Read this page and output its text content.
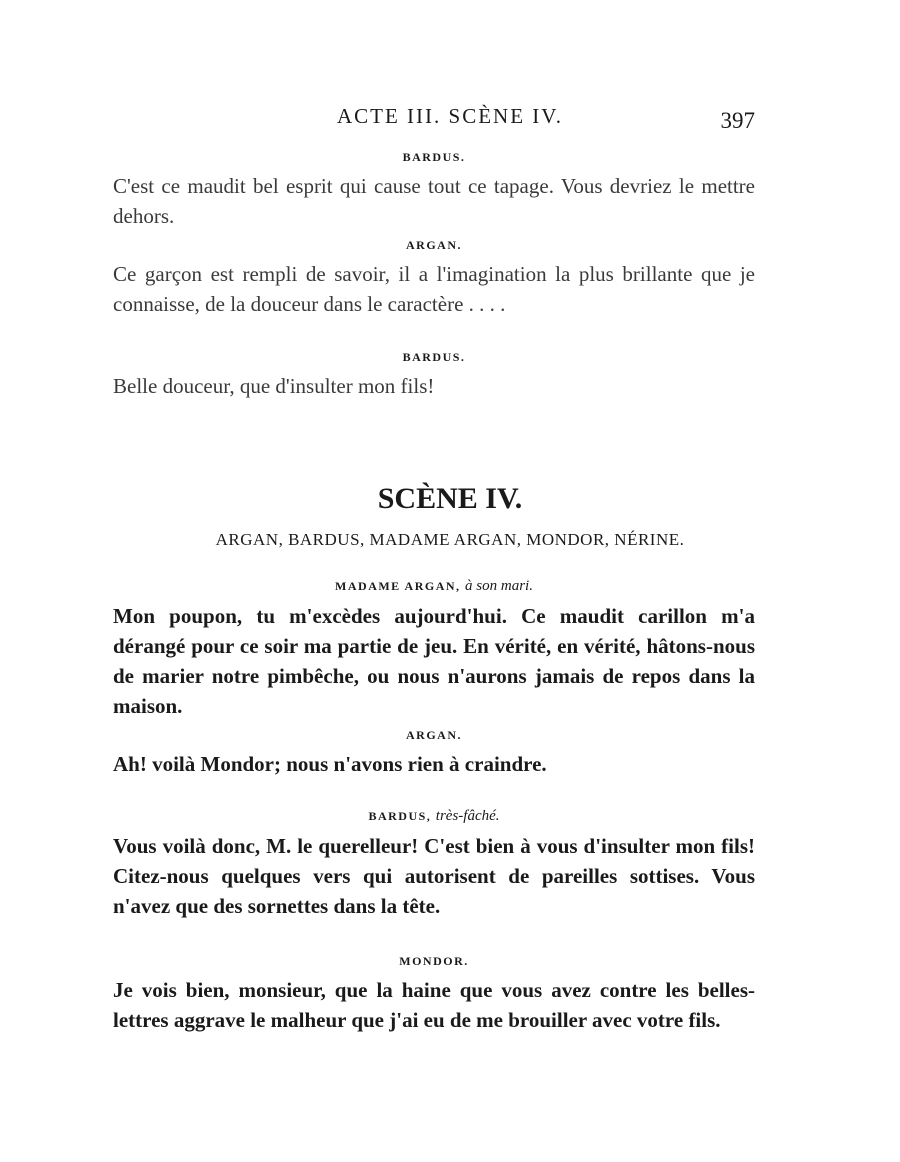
ACTE III. SCÈNE IV.	397

BARDUS.

C'est ce maudit bel esprit qui cause tout ce tapage. Vous devriez le mettre dehors.

ARGAN.

Ce garçon est rempli de savoir, il a l'imagination la plus brillante que je connaisse, de la douceur dans le caractère . . . .

BARDUS.

Belle douceur, que d'insulter mon fils!

SCÈNE IV.

ARGAN, BARDUS, MADAME ARGAN, MONDOR, NÉRINE.

MADAME ARGAN, à son mari.

Mon poupon, tu m'excèdes aujourd'hui. Ce maudit carillon m'a dérangé pour ce soir ma partie de jeu. En vérité, en vérité, hâtons-nous de marier notre pimbêche, ou nous n'aurons jamais de repos dans la maison.

ARGAN.

Ah! voilà Mondor; nous n'avons rien à craindre.

BARDUS, très-fâché.

Vous voilà donc, M. le querelleur! C'est bien à vous d'insulter mon fils! Citez-nous quelques vers qui autorisent de pareilles sottises. Vous n'avez que des sornettes dans la tête.

MONDOR.

Je vois bien, monsieur, que la haine que vous avez contre les belles-lettres aggrave le malheur que j'ai eu de me brouiller avec votre fils.
